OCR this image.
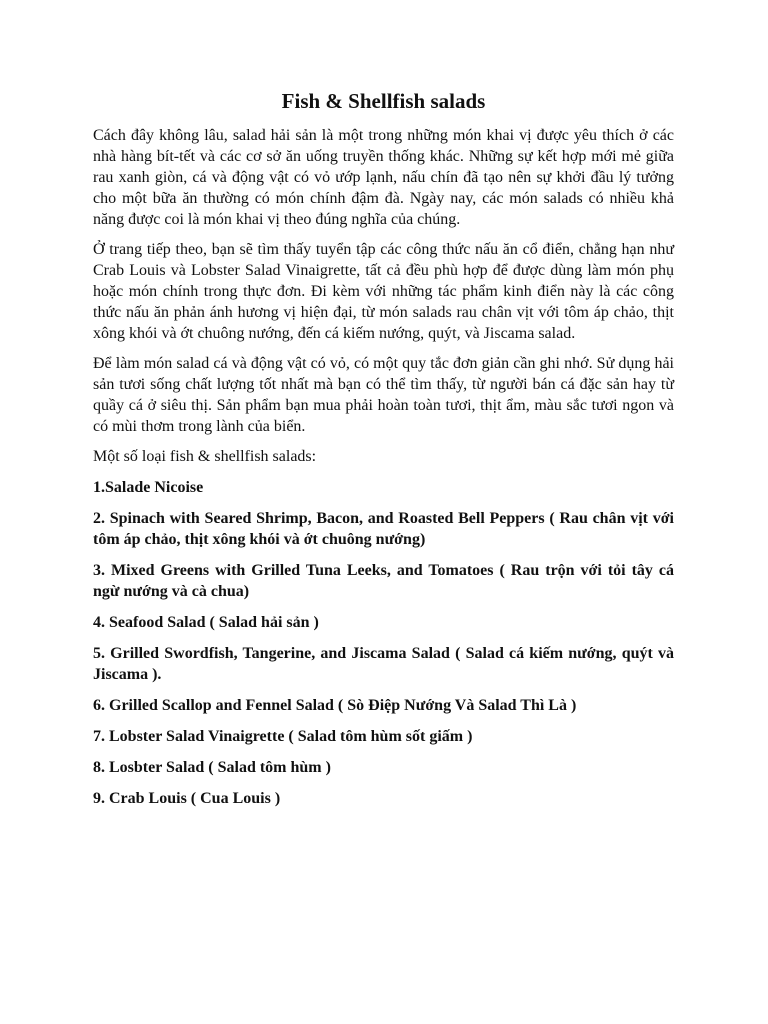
Fish & Shellfish salads

Cách đây không lâu, salad hải sản là một trong những món khai vị được yêu thích ở các nhà hàng bít-tết và các cơ sở ăn uống truyền thống khác. Những sự kết hợp mới mẻ giữa rau xanh giòn, cá và động vật có vỏ ướp lạnh, nấu chín đã tạo nên sự khởi đầu lý tưởng cho một bữa ăn thường có món chính đậm đà. Ngày nay, các món salads có nhiều khả năng được coi là món khai vị theo đúng nghĩa của chúng.

Ở trang tiếp theo, bạn sẽ tìm thấy tuyển tập các công thức nấu ăn cổ điển, chẳng hạn như Crab Louis và Lobster Salad Vinaigrette, tất cả đều phù hợp để được dùng làm món phụ hoặc món chính trong thực đơn. Đi kèm với những tác phẩm kinh điển này là các công thức nấu ăn phản ánh hương vị hiện đại, từ món salads rau chân vịt với tôm áp chảo, thịt xông khói và ớt chuông nướng, đến cá kiếm nướng, quýt, và Jiscama salad.

Để làm món salad cá và động vật có vỏ, có một quy tắc đơn giản cần ghi nhớ. Sử dụng hải sản tươi sống chất lượng tốt nhất mà bạn có thể tìm thấy, từ người bán cá đặc sản hay từ quầy cá ở siêu thị. Sản phẩm bạn mua phải hoàn toàn tươi, thịt ẩm, màu sắc tươi ngon và có mùi thơm trong lành của biển.

Một số loại fish & shellfish salads:

1.Salade Nicoise
2. Spinach with Seared Shrimp, Bacon, and Roasted Bell Peppers ( Rau chân vịt với tôm áp chảo, thịt xông khói và ớt chuông nướng)
3. Mixed Greens with Grilled Tuna Leeks, and Tomatoes ( Rau trộn với tỏi tây cá ngừ nướng và cà chua)
4. Seafood Salad ( Salad hải sản )
5. Grilled Swordfish, Tangerine, and Jiscama Salad ( Salad cá kiếm nướng, quýt và Jiscama ).
6. Grilled Scallop and Fennel Salad ( Sò Điệp Nướng Và Salad Thì Là )
7. Lobster Salad Vinaigrette ( Salad tôm hùm sốt giấm )
8. Losbter Salad ( Salad tôm hùm )
9. Crab Louis ( Cua Louis )
